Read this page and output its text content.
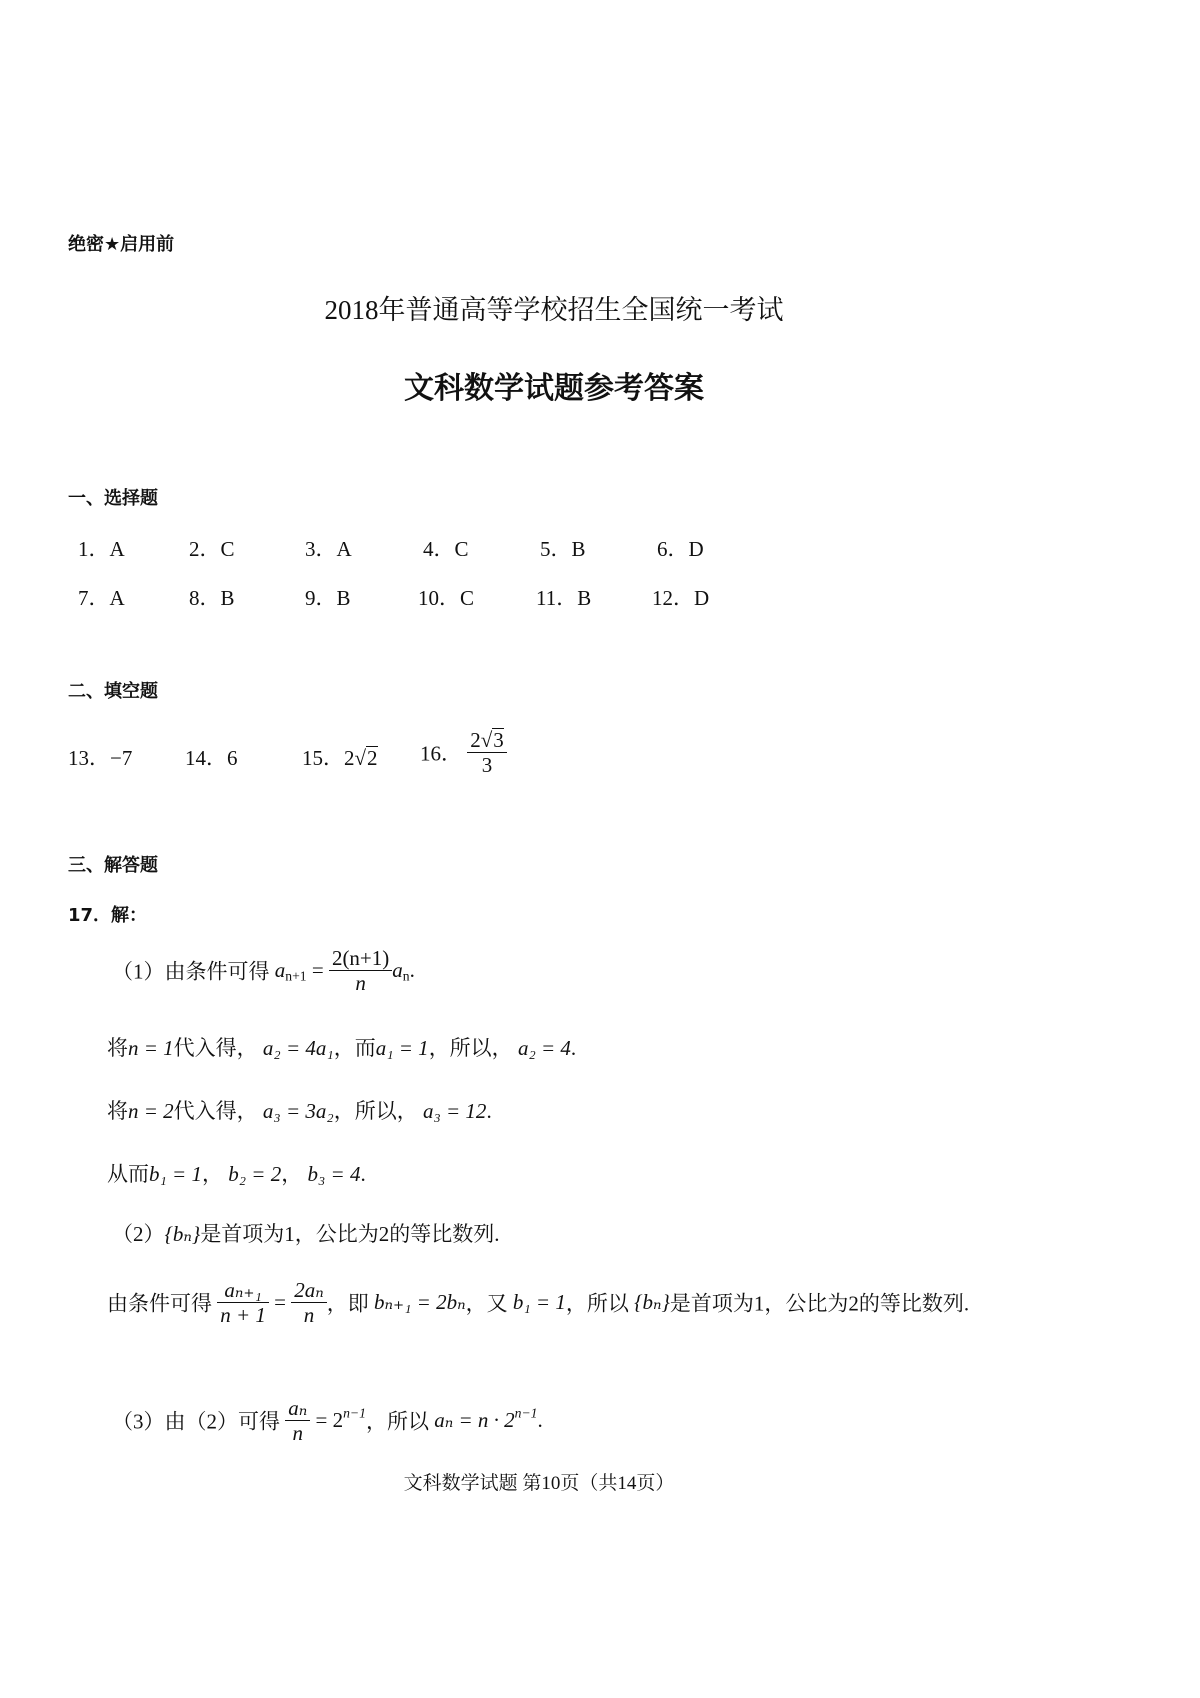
绝密★启用前
2018年普通高等学校招生全国统一考试
文科数学试题参考答案
一、选择题
1．A	2．C	3．A	4．C	5．B	6．D
7．A	8．B	9．B	10．C	11．B	12．D
二、填空题
13．−7	14．6	15．2√2 16． $\frac{2√3}{3}$
三、解答题
17．解：
（1）由条件可得 $a_{n+1} = \frac{2(n+1)}{n} a_n$.
将n = 1代入得， a₂ = 4a₁，而a₁ = 1，所以， a₂ = 4.
将n = 2代入得， a₃ = 3a₂，所以， a₃ = 12.
从而b₁ = 1， b₂ = 2， b₃ = 4.
（2）{bₙ}是首项为1，公比为2的等比数列.
由条件可得 $\frac{\text{aₙ₊₁}}{n + 1} = \frac{\text{2aₙ}}{n}$ ，即 bₙ₊₁ = 2bₙ，又 b₁ = 1，所以 {bₙ}是首项为1，公比为2的等比数列.
（3）由（2）可得 $\frac{\text{aₙ}}{n} = 2^{n-1}$，所以 $a_n = n \cdot 2^{n-1}$.
文科数学试题 第10页（共14页）
